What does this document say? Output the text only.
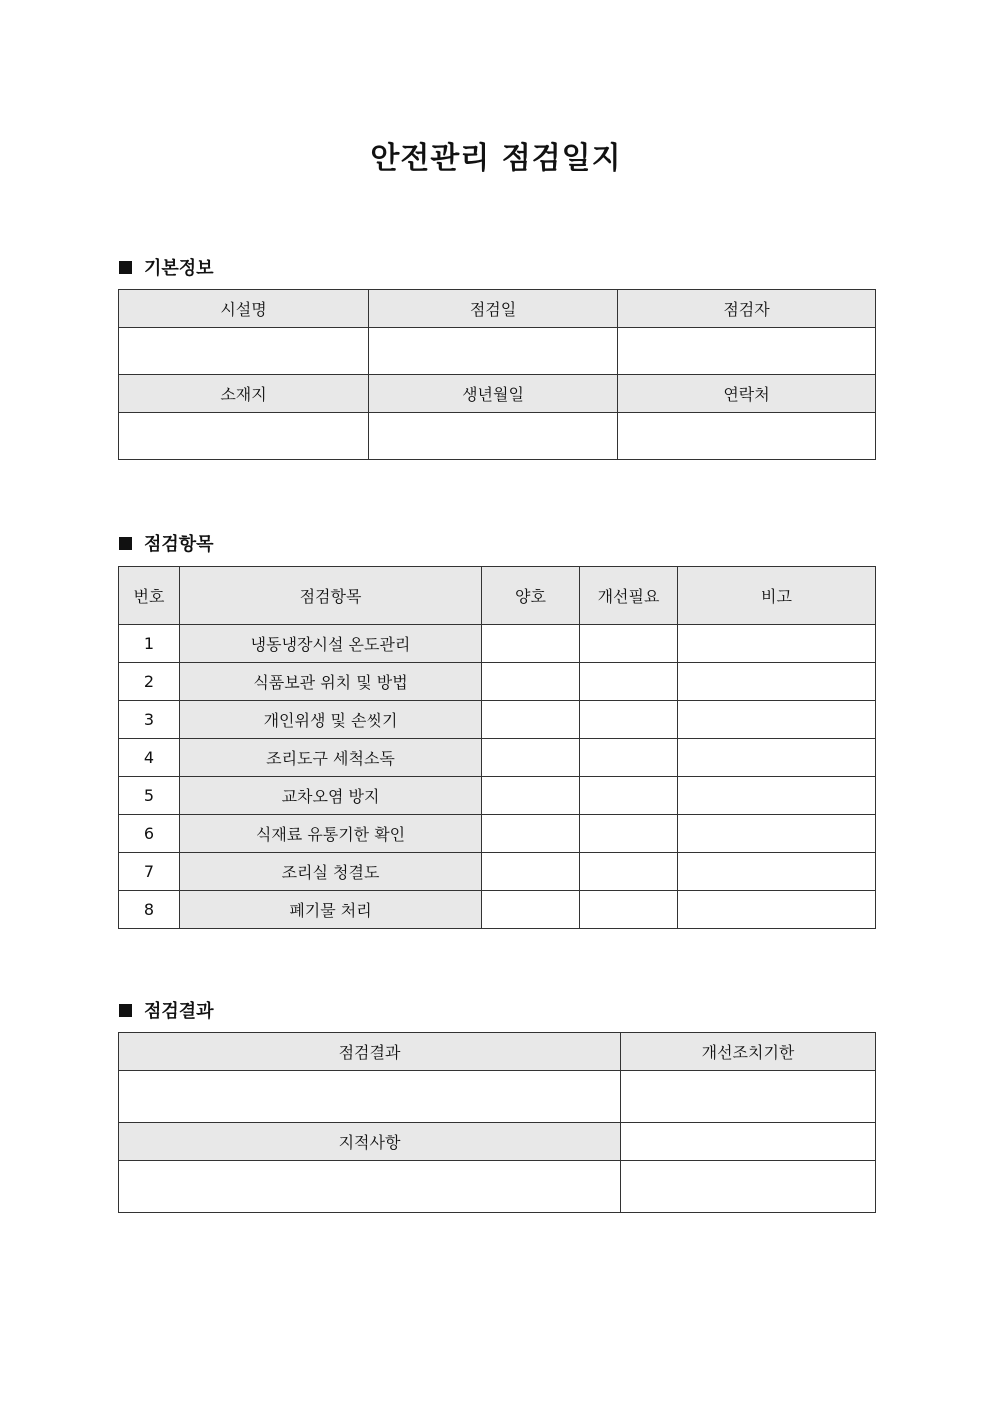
안전관리 점검일지
기본정보
시설명	점검일	점검자

소재지	생년월일	연락처

점검항목
번호	점검항목	양호	개선필요	비고
1	냉동냉장시설 온도관리			
2	식품보관 위치 및 방법			
3	개인위생 및 손씻기			
4	조리도구 세척소독			
5	교차오염 방지			
6	식재료 유통기한 확인			
7	조리실 청결도			
8	폐기물 처리			
점검결과
점검결과	개선조치기한

지적사항	
